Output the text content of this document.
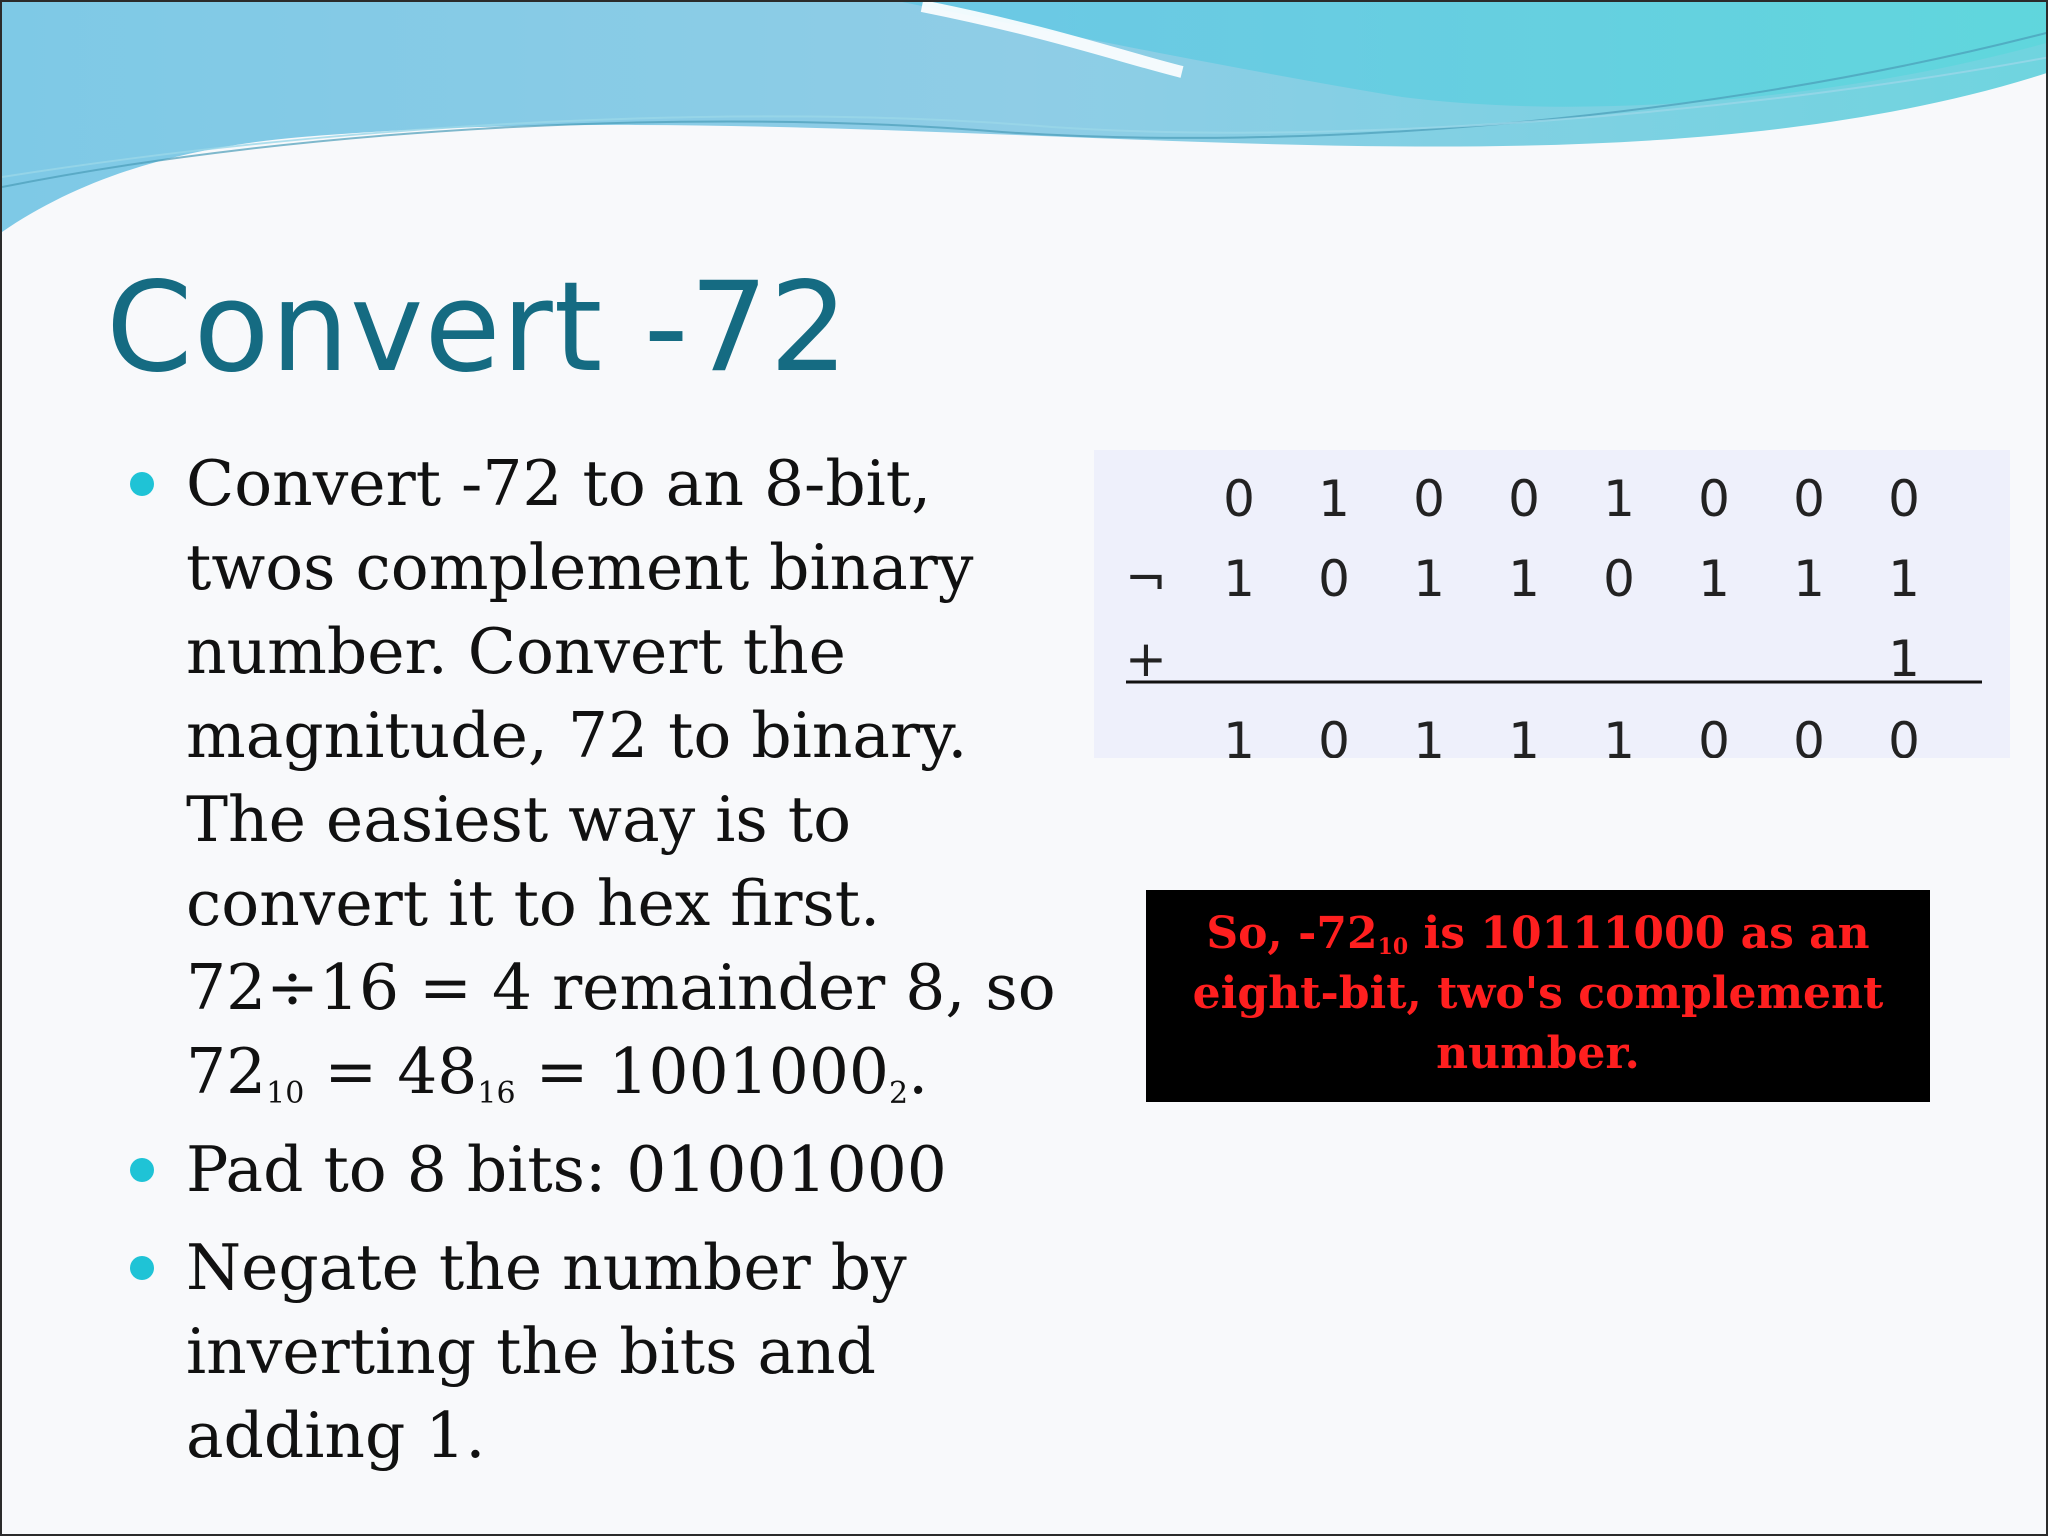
Convert -72
Convert -72 to an 8-bit, twos complement binary number. Convert the magnitude, 72 to binary. The easiest way is to convert it to hex first. 72÷16 = 4 remainder 8, so $72_{10} = 48_{16} = 1001000_2$.
Pad to 8 bits: 01001000
Negate the number by inverting the bits and adding 1.
0 1 0 0 1 0 0 0
¬ 1 0 1 1 0 1 1 1
+	1
1 0 1 1 1 0 0 0
So, $-72_{10}$ is 10111000 as an eight-bit, two's complement number.
